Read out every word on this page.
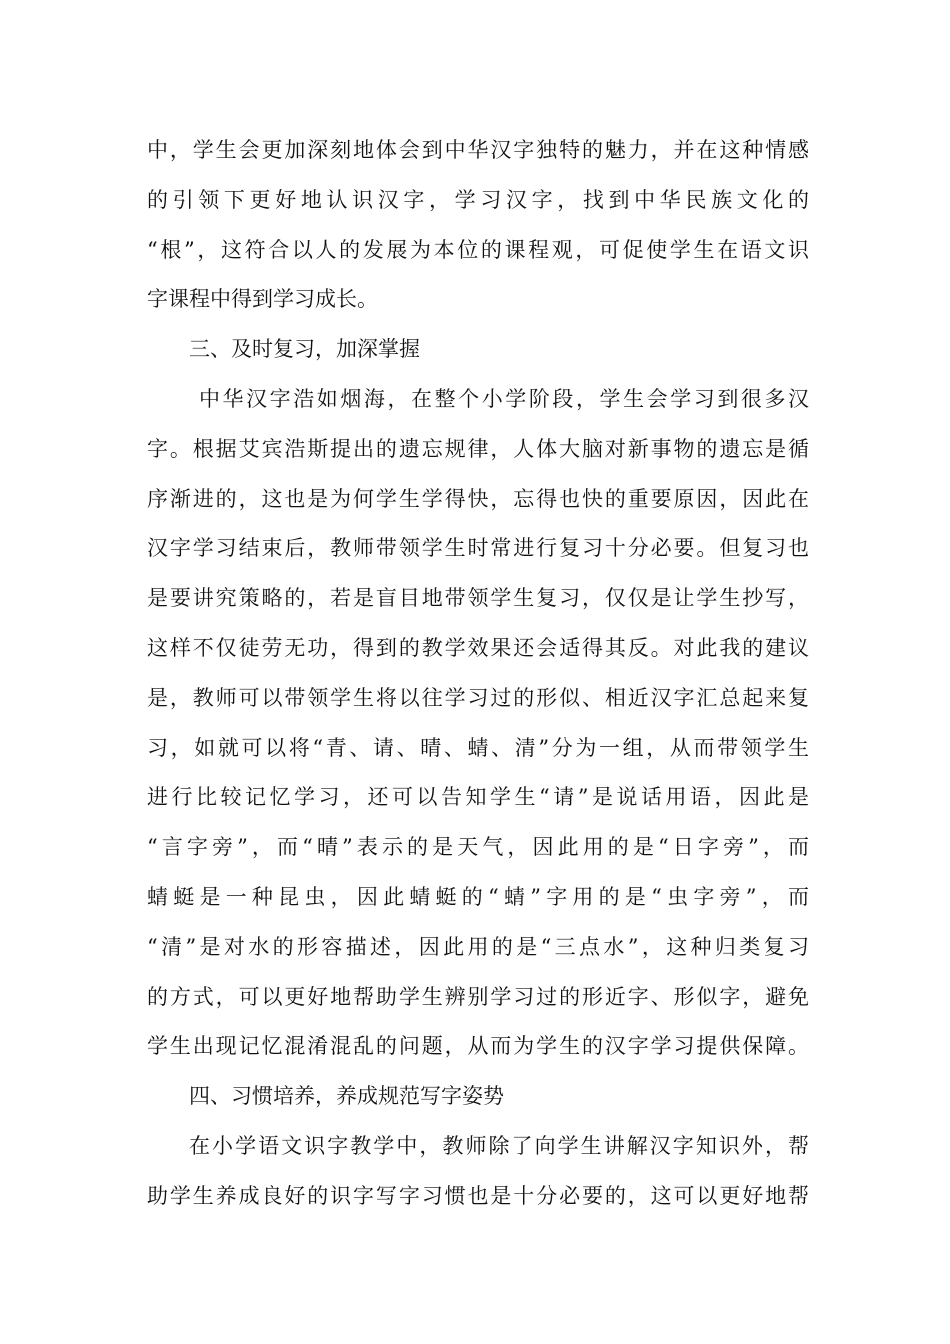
中，学生会更加深刻地体会到中华汉字独特的魅力，并在这种情感
的引领下更好地认识汉字，学习汉字，找到中华民族文化的
“根”，这符合以人的发展为本位的课程观，可促使学生在语文识
字课程中得到学习成长。
三、及时复习，加深掌握
中华汉字浩如烟海，在整个小学阶段，学生会学习到很多汉
字。根据艾宾浩斯提出的遗忘规律，人体大脑对新事物的遗忘是循
序渐进的，这也是为何学生学得快，忘得也快的重要原因，因此在
汉字学习结束后，教师带领学生时常进行复习十分必要。但复习也
是要讲究策略的，若是盲目地带领学生复习，仅仅是让学生抄写，
这样不仅徒劳无功，得到的教学效果还会适得其反。对此我的建议
是，教师可以带领学生将以往学习过的形似、相近汉字汇总起来复
习，如就可以将“青、请、晴、蜻、清”分为一组，从而带领学生
进行比较记忆学习，还可以告知学生“请”是说话用语，因此是
“言字旁”，而“晴”表示的是天气，因此用的是“日字旁”，而
蜻蜓是一种昆虫，因此蜻蜓的“蜻”字用的是“虫字旁”，而
“清”是对水的形容描述，因此用的是“三点水”，这种归类复习
的方式，可以更好地帮助学生辨别学习过的形近字、形似字，避免
学生出现记忆混淆混乱的问题，从而为学生的汉字学习提供保障。
四、习惯培养，养成规范写字姿势
在小学语文识字教学中，教师除了向学生讲解汉字知识外，帮
助学生养成良好的识字写字习惯也是十分必要的，这可以更好地帮
